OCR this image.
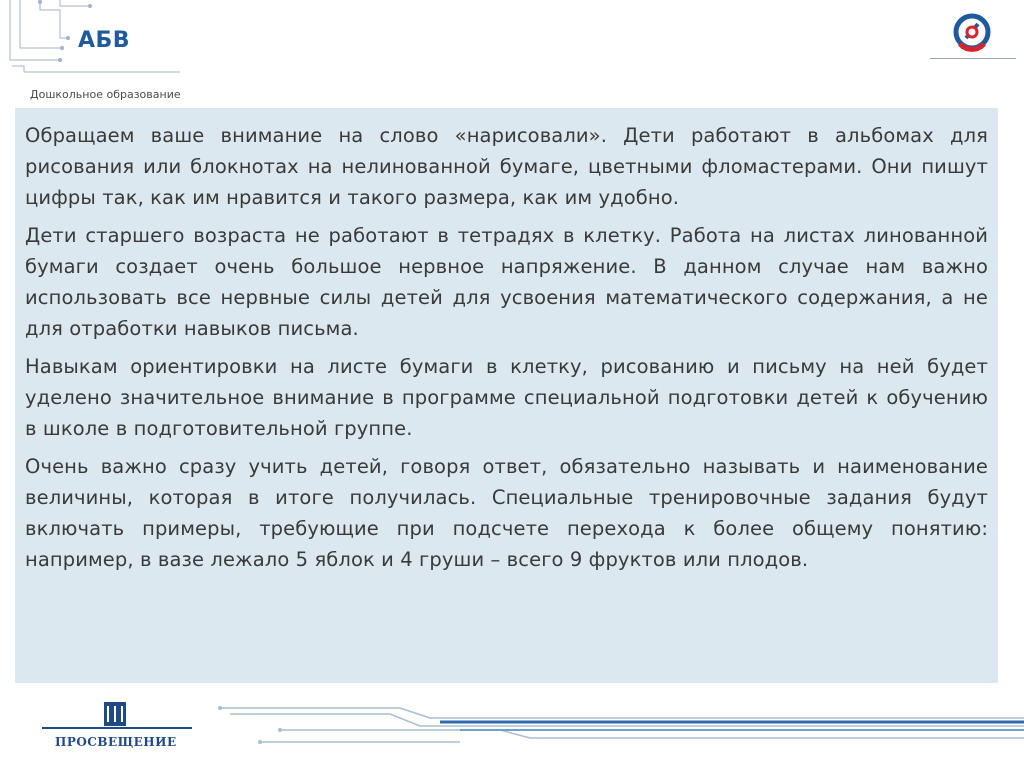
АБВ
Дошкольное образование

Обращаем ваше внимание на слово «нарисовали». Дети работают в альбомах для рисования или блокнотах на нелинованной бумаге, цветными фломастерами. Они пишут цифры так, как им нравится и такого размера, как им удобно.

Дети старшего возраста не работают в тетрадях в клетку. Работа на листах линованной бумаги создает очень большое нервное напряжение. В данном случае нам важно использовать все нервные силы детей для усвоения математического содержания, а не для отработки навыков письма.

Навыкам ориентировки на листе бумаги в клетку, рисованию и письму на ней будет уделено значительное внимание в программе специальной подготовки детей к обучению в школе в подготовительной группе.

Очень важно сразу учить детей, говоря ответ, обязательно называть и наименование величины, которая в итоге получилась. Специальные тренировочные задания будут включать примеры, требующие при подсчете перехода к более общему понятию: например, в вазе лежало 5 яблок и 4 груши – всего 9 фруктов или плодов.

ПРОСВЕЩЕНИЕ
